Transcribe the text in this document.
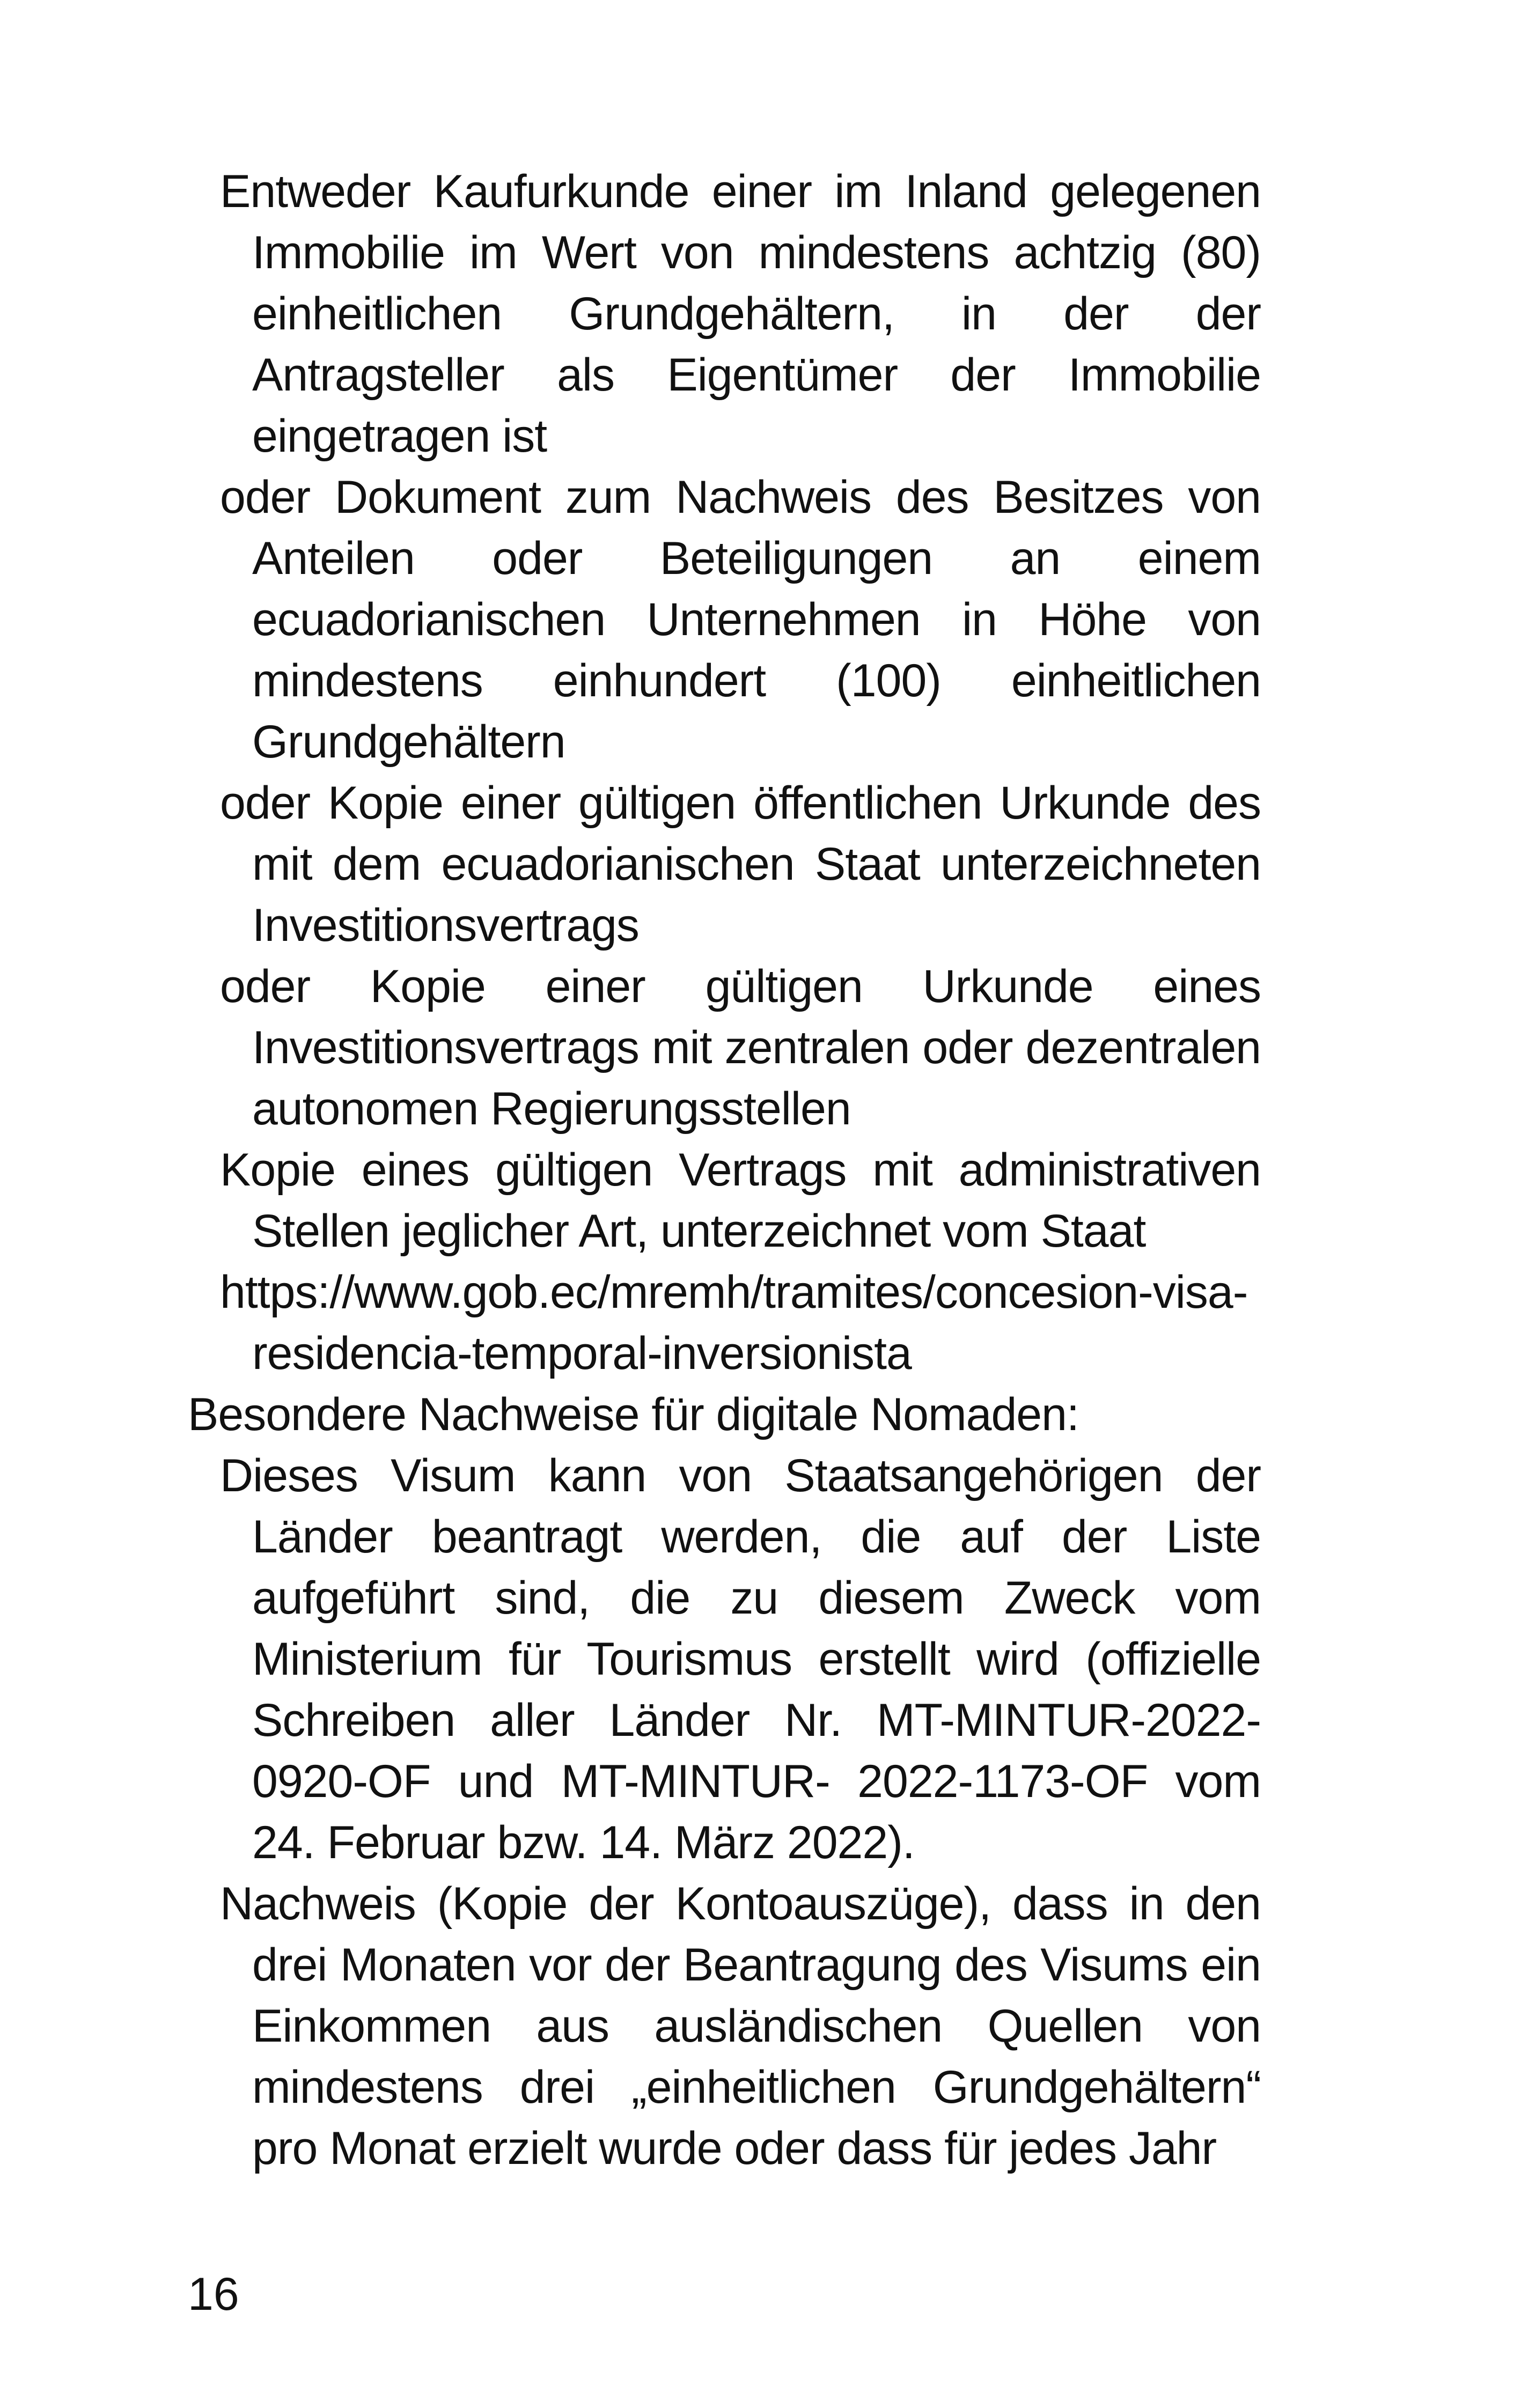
Entweder Kaufurkunde einer im Inland gelegenen Immobilie im Wert von mindestens achtzig (80) einheitlichen Grundgehältern, in der der Antragsteller als Eigentümer der Immobilie eingetragen ist

oder Dokument zum Nachweis des Besitzes von Anteilen oder Beteiligungen an einem ecuadorianischen Unternehmen in Höhe von mindestens einhundert (100) einheitlichen Grundgehältern

oder Kopie einer gültigen öffentlichen Urkunde des mit dem ecuadorianischen Staat unterzeichneten Investitionsvertrags

oder Kopie einer gültigen Urkunde eines Investitionsvertrags mit zentralen oder dezentralen autonomen Regierungsstellen

Kopie eines gültigen Vertrags mit administrativen Stellen jeglicher Art, unterzeichnet vom Staat

https://www.gob.ec/mremh/tramites/concesion-visa-residencia-temporal-inversionista

Besondere Nachweise für digitale Nomaden:

Dieses Visum kann von Staatsangehörigen der Länder beantragt werden, die auf der Liste aufgeführt sind, die zu diesem Zweck vom Ministerium für Tourismus erstellt wird (offizielle Schreiben aller Länder Nr. MT-MINTUR-2022-0920-OF und MT-MINTUR- 2022-1173-OF vom 24. Februar bzw. 14. März 2022).

Nachweis (Kopie der Kontoauszüge), dass in den drei Monaten vor der Beantragung des Visums ein Einkommen aus ausländischen Quellen von mindestens drei „einheitlichen Grundgehältern“ pro Monat erzielt wurde oder dass für jedes Jahr

16
